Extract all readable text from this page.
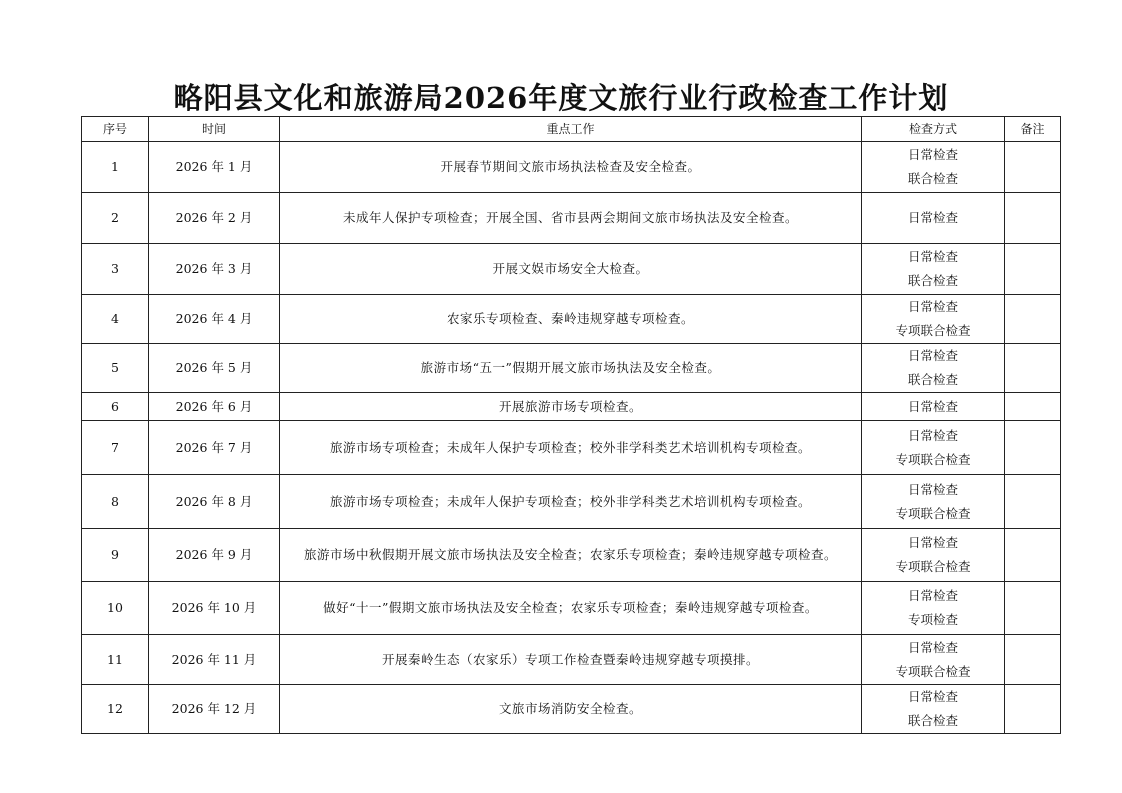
略阳县文化和旅游局2026年度文旅行业行政检查工作计划
序号	时间	重点工作	检查方式	备注
1	2026 年 1 月	开展春节期间文旅市场执法检查及安全检查。	日常检查
联合检查	

2	2026 年 2 月	未成年人保护专项检查；开展全国、省市县两会期间文旅市场执法及安全检查。	日常检查	

3	2026 年 3 月	开展文娱市场安全大检查。	日常检查
联合检查	

4	2026 年 4 月	农家乐专项检查、秦岭违规穿越专项检查。	日常检查
专项联合检查	

5	2026 年 5 月	旅游市场“五一”假期开展文旅市场执法及安全检查。	日常检查
联合检查	

6	2026 年 6 月	开展旅游市场专项检查。	日常检查	

7	2026 年 7 月	旅游市场专项检查；未成年人保护专项检查；校外非学科类艺术培训机构专项检查。	日常检查
专项联合检查	

8	2026 年 8 月	旅游市场专项检查；未成年人保护专项检查；校外非学科类艺术培训机构专项检查。	日常检查
专项联合检查	

9	2026 年 9 月	旅游市场中秋假期开展文旅市场执法及安全检查；农家乐专项检查；秦岭违规穿越专项检查。	日常检查
专项联合检查	

10	2026 年 10 月	做好“十一”假期文旅市场执法及安全检查；农家乐专项检查；秦岭违规穿越专项检查。	日常检查
专项检查	

11	2026 年 11 月	开展秦岭生态（农家乐）专项工作检查暨秦岭违规穿越专项摸排。	日常检查
专项联合检查	

12	2026 年 12 月	文旅市场消防安全检查。	日常检查
联合检查	
